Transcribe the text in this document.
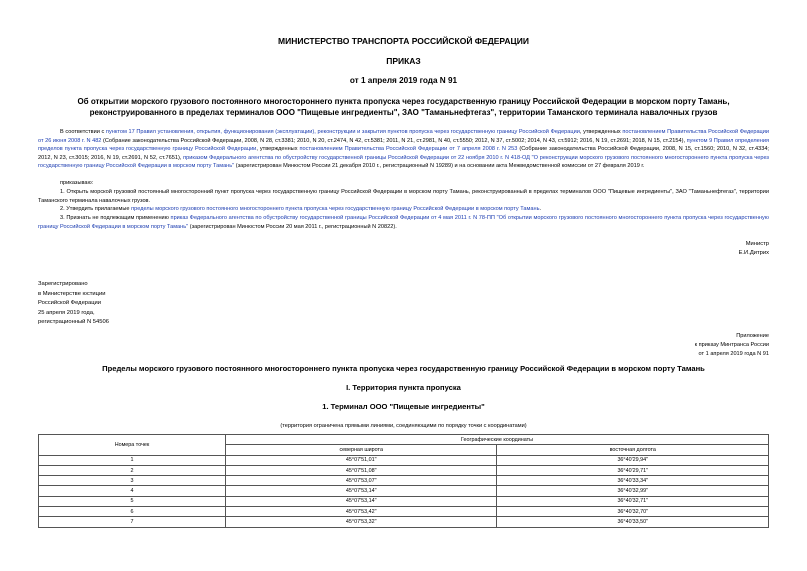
МИНИСТЕРСТВО ТРАНСПОРТА РОССИЙСКОЙ ФЕДЕРАЦИИ
ПРИКАЗ
от 1 апреля 2019 года N 91
Об открытии морского грузового постоянного многостороннего пункта пропуска через государственную границу Российской Федерации в морском порту Тамань, реконструированного в пределах терминалов ООО "Пищевые ингредиенты", ЗАО "Таманьнефтегаз", территории Таманского терминала навалочных грузов

В соответствии с пунктом 17 Правил установления, открытия, функционирования (эксплуатации), реконструкции и закрытия пунктов пропуска через государственную границу Российской Федерации, утвержденных постановлением Правительства Российской Федерации от 26 июня 2008 г. N 482 (Собрание законодательства Российской Федерации, 2008, N 28, ст.3381; 2010, N 20, ст.2474, N 42, ст.5381; 2011, N 21, ст.2981, N 40, ст.5550; 2012, N 37, ст.5002; 2014, N 43, ст.5912; 2016, N 19, ст.2691; 2018, N 15, ст.2154), пунктом 9 Правил определения пределов пункта пропуска через государственную границу Российской Федерации, утвержденных постановлением Правительства Российской Федерации от 7 апреля 2008 г. N 253 (Собрание законодательства Российской Федерации, 2008, N 15, ст.1560; 2010, N 32, ст.4334; 2012, N 23, ст.3015; 2016, N 19, ст.2691, N 52, ст.7651), приказом Федерального агентства по обустройству государственной границы Российской Федерации от 22 ноября 2010 г. N 418-ОД "О реконструкции морского грузового постоянного многостороннего пункта пропуска через государственную границу Российской Федерации в морском порту Тамань" (зарегистрирован Минюстом России 21 декабря 2010 г., регистрационный N 19289) и на основании акта Межведомственной комиссии от 27 февраля 2019 г.

приказываю:

1. Открыть морской грузовой постоянный многосторонний пункт пропуска через государственную границу Российской Федерации в морском порту Тамань, реконструированный в пределах терминалов ООО "Пищевые ингредиенты", ЗАО "Таманьнефтегаз", территории Таманского терминала навалочных грузов.

2. Утвердить прилагаемые пределы морского грузового постоянного многостороннего пункта пропуска через государственную границу Российской Федерации в морском порту Тамань.

3. Признать не подлежащим применению приказ Федерального агентства по обустройству государственной границы Российской Федерации от 4 мая 2011 г. N 78-ПП "Об открытии морского грузового постоянного многостороннего пункта пропуска через государственную границу Российской Федерации в морском порту Тамань" (зарегистрирован Минюстом России 20 мая 2011 г., регистрационный N 20822).

Министр
Е.И.Дитрих
Зарегистрировано
в Министерстве юстиции
Российской Федерации
25 апреля 2019 года,
регистрационный N 54506
Приложение
к приказу Минтранса России
от 1 апреля 2019 года N 91
Пределы морского грузового постоянного многостороннего пункта пропуска через государственную границу Российской Федерации в морском порту Тамань
I. Территория пункта пропуска
1. Терминал ООО "Пищевые ингредиенты"
(территория ограничена прямыми линиями, соединяющими по порядку точки с координатами)
Номера точек	Географические координаты	
	северная широта	восточная долгота
1	45°07'51,01"	36°40'29,94"
2	45°07'51,08"	36°40'29,71"
3	45°07'53,07"	36°40'33,34"
4	45°07'53,14"	36°40'32,99"
5	45°07'53,14"	36°40'32,71"
6	45°07'53,42"	36°40'32,70"
7	45°07'53,32"	36°40'33,50"
